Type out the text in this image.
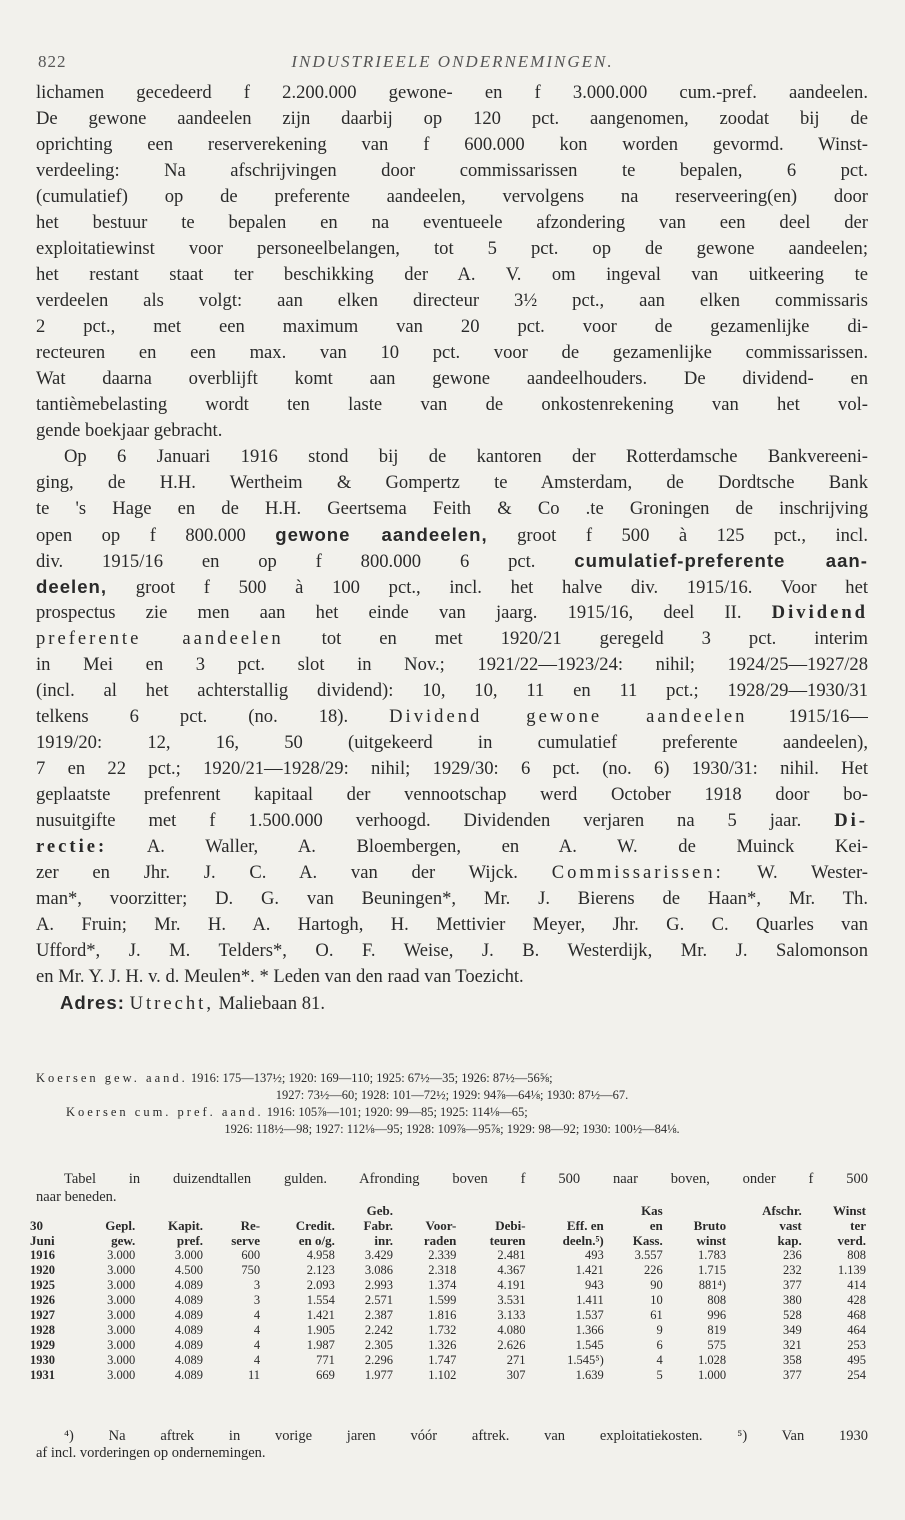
822	INDUSTRIEELE ONDERNEMINGEN.
lichamen gecedeerd f 2.200.000 gewone- en f 3.000.000 cum.-pref. aandeelen.
De gewone aandeelen zijn daarbij op 120 pct. aangenomen, zoodat bij de
oprichting een reserverekening van f 600.000 kon worden gevormd. Winst-
verdeeling: Na afschrijvingen door commissarissen te bepalen, 6 pct.
(cumulatief) op de preferente aandeelen, vervolgens na reserveering(en) door
het bestuur te bepalen en na eventueele afzondering van een deel der
exploitatiewinst voor personeelbelangen, tot 5 pct. op de gewone aandeelen;
het restant staat ter beschikking der A. V. om ingeval van uitkeering te
verdeelen als volgt: aan elken directeur 3½ pct., aan elken commissaris
2 pct., met een maximum van 20 pct. voor de gezamenlijke di-
recteuren en een max. van 10 pct. voor de gezamenlijke commissarissen.
Wat daarna overblijft komt aan gewone aandeelhouders. De dividend- en
tantièmebelasting wordt ten laste van de onkostenrekening van het vol-
gende boekjaar gebracht.
Op 6 Januari 1916 stond bij de kantoren der Rotterdamsche Bankvereeni-
ging, de H.H. Wertheim & Gompertz te Amsterdam, de Dordtsche Bank
te 's Hage en de H.H. Geertsema Feith & Co .te Groningen de inschrijving
open op f 800.000 gewone aandeelen, groot f 500 à 125 pct., incl.
div. 1915/16 en op f 800.000 6 pct. cumulatief-preferente aan-
deelen, groot f 500 à 100 pct., incl. het halve div. 1915/16. Voor het
prospectus zie men aan het einde van jaarg. 1915/16, deel II. Dividend
preferente aandeelen tot en met 1920/21 geregeld 3 pct. interim
in Mei en 3 pct. slot in Nov.; 1921/22—1923/24: nihil; 1924/25—1927/28
(incl. al het achterstallig dividend): 10, 10, 11 en 11 pct.; 1928/29—1930/31
telkens 6 pct. (no. 18). Dividend gewone aandeelen 1915/16—
1919/20: 12, 16, 50 (uitgekeerd in cumulatief preferente aandeelen),
7 en 22 pct.; 1920/21—1928/29: nihil; 1929/30: 6 pct. (no. 6) 1930/31: nihil. Het
geplaatste prefenrent kapitaal der vennootschap werd October 1918 door bo-
nusuitgifte met f 1.500.000 verhoogd. Dividenden verjaren na 5 jaar. Di-
rectie: A. Waller, A. Bloembergen, en A. W. de Muinck Kei-
zer en Jhr. J. C. A. van der Wijck. Commissarissen: W. Wester-
man*, voorzitter; D. G. van Beuningen*, Mr. J. Bierens de Haan*, Mr. Th.
A. Fruin; Mr. H. A. Hartogh, H. Mettivier Meyer, Jhr. G. C. Quarles van
Ufford*, J. M. Telders*, O. F. Weise, J. B. Westerdijk, Mr. J. Salomonson
en Mr. Y. J. H. v. d. Meulen*. * Leden van den raad van Toezicht.
Adres: Utrecht, Maliebaan 81.
Koersen gew. aand. 1916: 175—137½; 1920: 169—110; 1925: 67½—35; 1926: 87½—56⅝;
1927: 73½—60; 1928: 101—72½; 1929: 94⅞—64⅛; 1930: 87½—67.
Koersen cum. pref. aand. 1916: 105⅞—101; 1920: 99—85; 1925: 114⅛—65;
1926: 118½—98; 1927: 112⅛—95; 1928: 109⅞—95⅞; 1929: 98—92; 1930: 100½—84⅛.
Tabel in duizendtallen gulden. Afronding boven f 500 naar boven, onder f 500
naar beneden.
					Geb.				Kas		Afschr.	Winst
30	Gepl.	Kapit.	Re-	Credit.	Fabr.	Voor-	Debi-	Eff. en	en	Bruto	vast	ter
Juni	gew.	pref.	serve	en o/g.	inr.	raden	teuren	deeln.⁵)	Kass.	winst	kap.	verd.
1916	3.000	3.000	600	4.958	3.429	2.339	2.481	493	3.557	1.783	236	808
1920	3.000	4.500	750	2.123	3.086	2.318	4.367	1.421	226	1.715	232	1.139
1925	3.000	4.089	3	2.093	2.993	1.374	4.191	943	90	881⁴)	377	414
1926	3.000	4.089	3	1.554	2.571	1.599	3.531	1.411	10	808	380	428
1927	3.000	4.089	4	1.421	2.387	1.816	3.133	1.537	61	996	528	468
1928	3.000	4.089	4	1.905	2.242	1.732	4.080	1.366	9	819	349	464
1929	3.000	4.089	4	1.987	2.305	1.326	2.626	1.545	6	575	321	253
1930	3.000	4.089	4	771	2.296	1.747	271	1.545⁵)	4	1.028	358	495
1931	3.000	4.089	11	669	1.977	1.102	307	1.639	5	1.000	377	254
⁴) Na aftrek in vorige jaren vóór aftrek. van exploitatiekosten. ⁵) Van 1930
af incl. vorderingen op ondernemingen.
